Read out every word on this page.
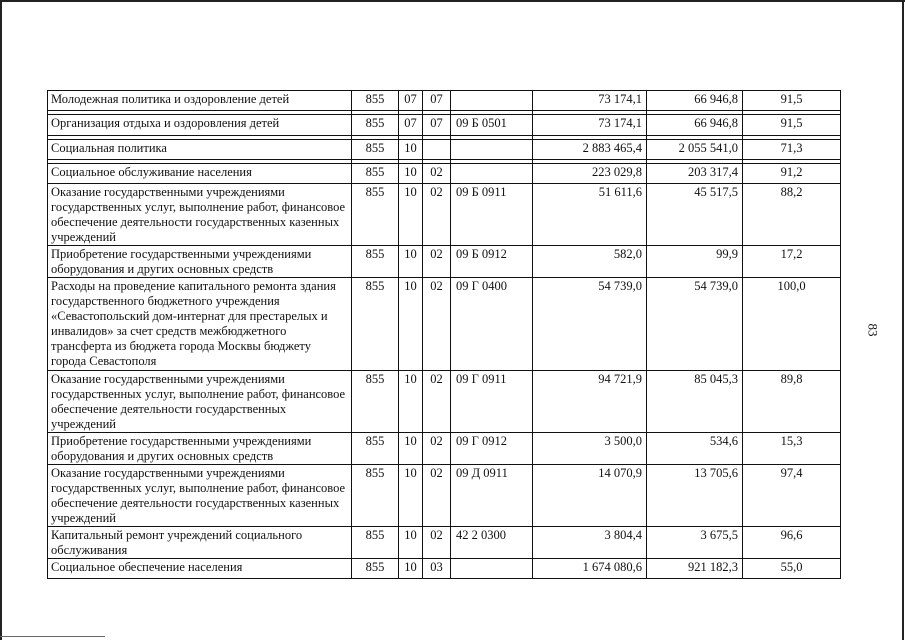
83
Молодежная политика и оздоровление детей	855	07	07		73 174,1	66 946,8	91,5

Организация отдыха и оздоровления детей	855	07	07	09 Б 0501	73 174,1	66 946,8	91,5

Социальная политика	855	10			2 883 465,4	2 055 541,0	71,3

Социальное обслуживание населения	855	10	02		223 029,8	203 317,4	91,2
Оказание государственными учреждениями государственных услуг, выполнение работ, финансовое обеспечение деятельности государственных казенных учреждений	855	10	02	09 Б 0911	51 611,6	45 517,5	88,2
Приобретение государственными учреждениями оборудования и других основных средств	855	10	02	09 Б 0912	582,0	99,9	17,2
Расходы на проведение капитального ремонта здания государственного бюджетного учреждения «Севастопольский дом-интернат для престарелых и инвалидов» за счет средств межбюджетного трансферта из бюджета города Москвы бюджету города Севастополя	855	10	02	09 Г 0400	54 739,0	54 739,0	100,0
Оказание государственными учреждениями государственных услуг, выполнение работ, финансовое обеспечение деятельности государственных учреждений	855	10	02	09 Г 0911	94 721,9	85 045,3	89,8
Приобретение государственными учреждениями оборудования и других основных средств	855	10	02	09 Г 0912	3 500,0	534,6	15,3
Оказание государственными учреждениями государственных услуг, выполнение работ, финансовое обеспечение деятельности государственных казенных учреждений	855	10	02	09 Д 0911	14 070,9	13 705,6	97,4
Капитальный ремонт учреждений социального обслуживания	855	10	02	42 2 0300	3 804,4	3 675,5	96,6
Социальное обеспечение населения	855	10	03		1 674 080,6	921 182,3	55,0
